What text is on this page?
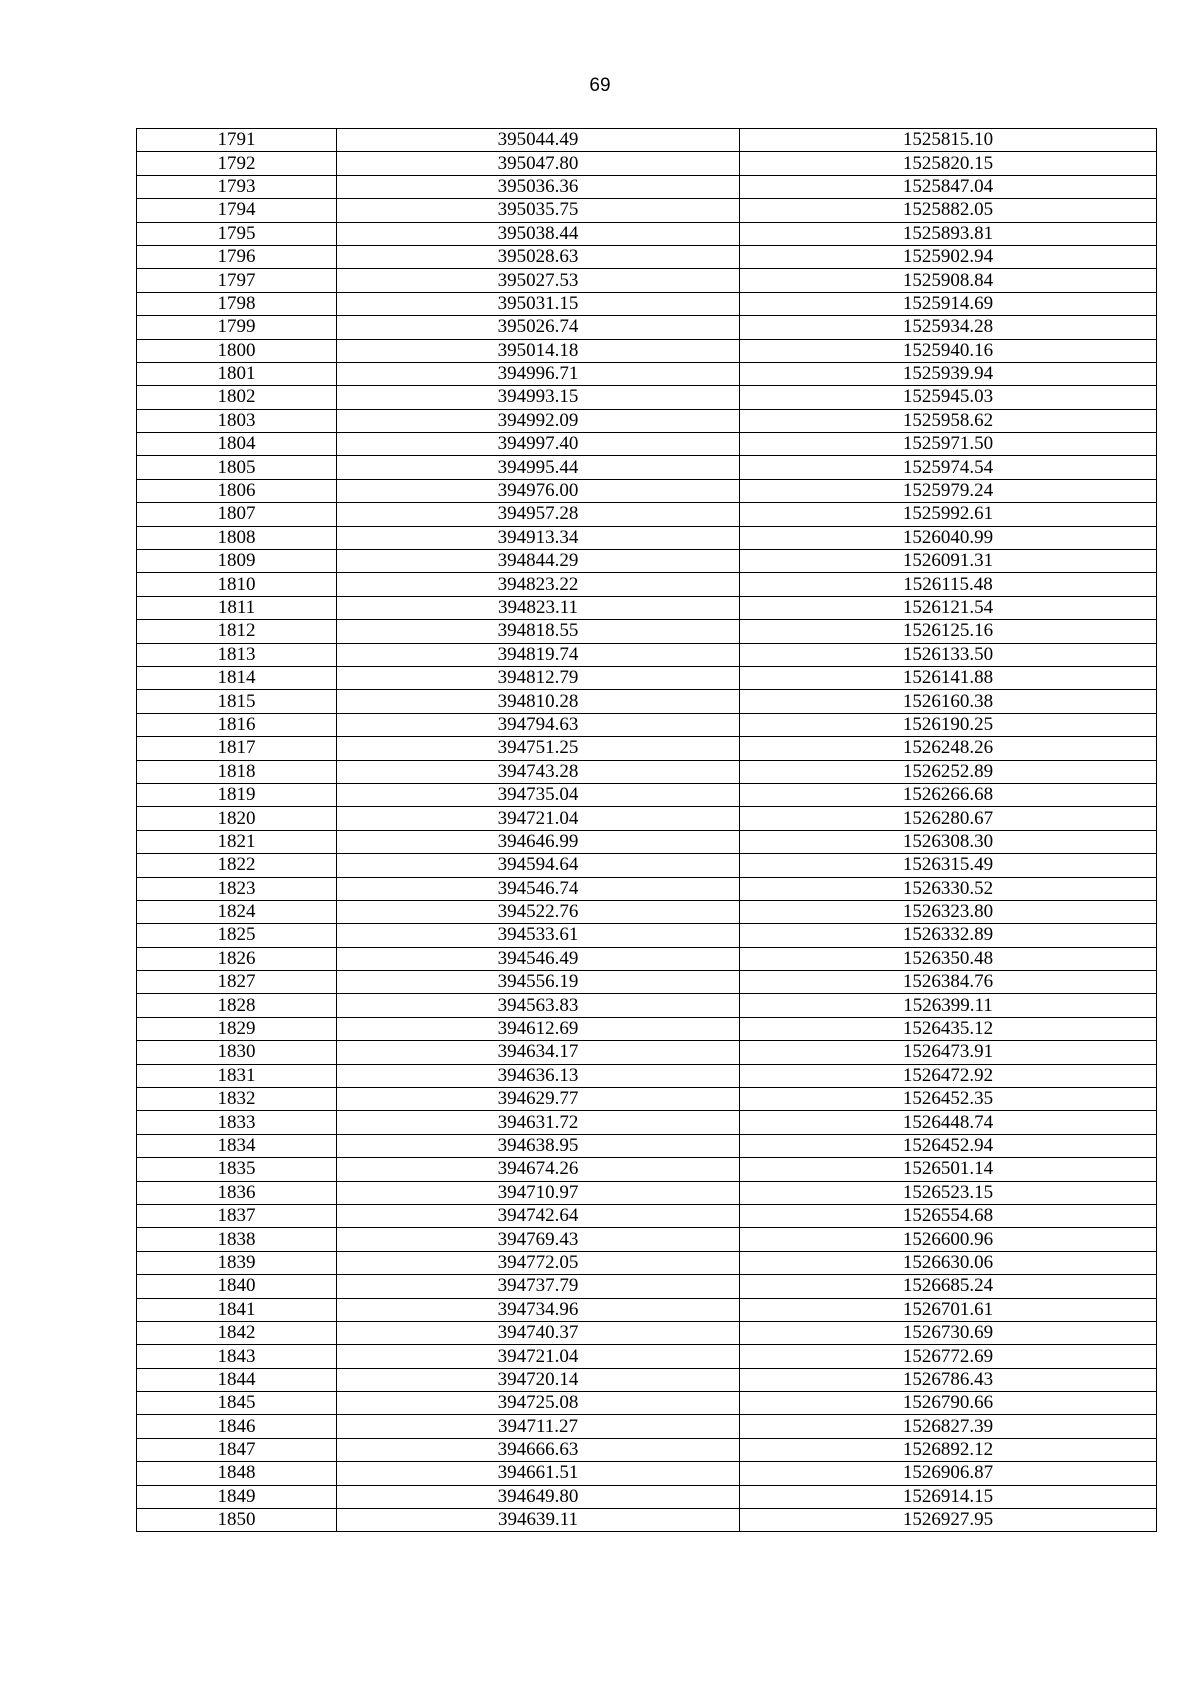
69
1791	395044.49	1525815.10
1792	395047.80	1525820.15
1793	395036.36	1525847.04
1794	395035.75	1525882.05
1795	395038.44	1525893.81
1796	395028.63	1525902.94
1797	395027.53	1525908.84
1798	395031.15	1525914.69
1799	395026.74	1525934.28
1800	395014.18	1525940.16
1801	394996.71	1525939.94
1802	394993.15	1525945.03
1803	394992.09	1525958.62
1804	394997.40	1525971.50
1805	394995.44	1525974.54
1806	394976.00	1525979.24
1807	394957.28	1525992.61
1808	394913.34	1526040.99
1809	394844.29	1526091.31
1810	394823.22	1526115.48
1811	394823.11	1526121.54
1812	394818.55	1526125.16
1813	394819.74	1526133.50
1814	394812.79	1526141.88
1815	394810.28	1526160.38
1816	394794.63	1526190.25
1817	394751.25	1526248.26
1818	394743.28	1526252.89
1819	394735.04	1526266.68
1820	394721.04	1526280.67
1821	394646.99	1526308.30
1822	394594.64	1526315.49
1823	394546.74	1526330.52
1824	394522.76	1526323.80
1825	394533.61	1526332.89
1826	394546.49	1526350.48
1827	394556.19	1526384.76
1828	394563.83	1526399.11
1829	394612.69	1526435.12
1830	394634.17	1526473.91
1831	394636.13	1526472.92
1832	394629.77	1526452.35
1833	394631.72	1526448.74
1834	394638.95	1526452.94
1835	394674.26	1526501.14
1836	394710.97	1526523.15
1837	394742.64	1526554.68
1838	394769.43	1526600.96
1839	394772.05	1526630.06
1840	394737.79	1526685.24
1841	394734.96	1526701.61
1842	394740.37	1526730.69
1843	394721.04	1526772.69
1844	394720.14	1526786.43
1845	394725.08	1526790.66
1846	394711.27	1526827.39
1847	394666.63	1526892.12
1848	394661.51	1526906.87
1849	394649.80	1526914.15
1850	394639.11	1526927.95
